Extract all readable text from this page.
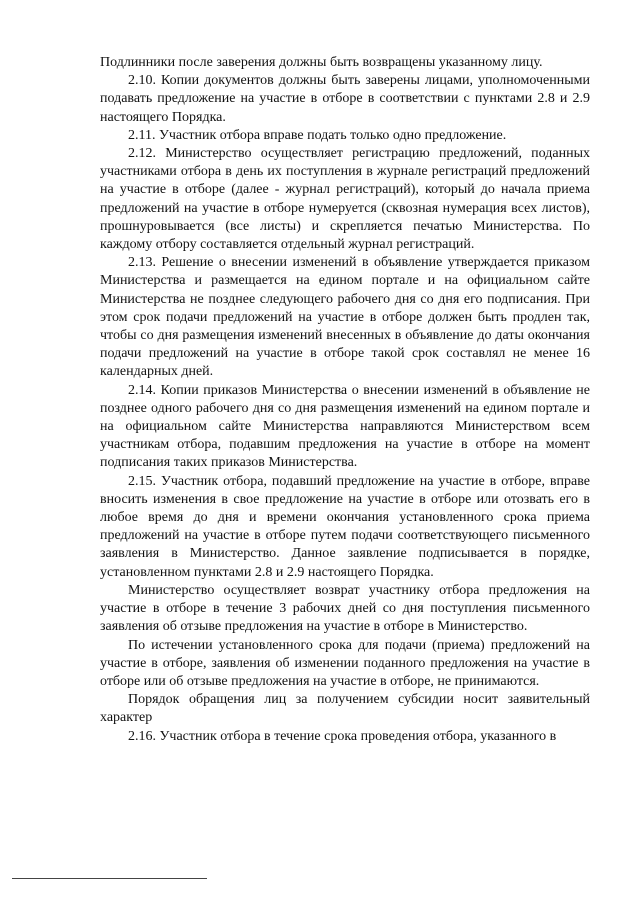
Подлинники после заверения должны быть возвращены указанному лицу.

2.10. Копии документов должны быть заверены лицами, уполномоченными подавать предложение на участие в отборе в соответствии с пунктами 2.8 и 2.9 настоящего Порядка.

2.11. Участник отбора вправе подать только одно предложение.

2.12. Министерство осуществляет регистрацию предложений, поданных участниками отбора в день их поступления в журнале регистраций предложений на участие в отборе (далее - журнал регистраций), который до начала приема предложений на участие в отборе нумеруется (сквозная нумерация всех листов), прошнуровывается (все листы) и скрепляется печатью Министерства. По каждому отбору составляется отдельный журнал регистраций.

2.13. Решение о внесении изменений в объявление утверждается приказом Министерства и размещается на едином портале и на официальном сайте Министерства не позднее следующего рабочего дня со дня его подписания. При этом срок подачи предложений на участие в отборе должен быть продлен так, чтобы со дня размещения изменений внесенных в объявление до даты окончания подачи предложений на участие в отборе такой срок составлял не менее 16 календарных дней.

2.14. Копии приказов Министерства о внесении изменений в объявление не позднее одного рабочего дня со дня размещения изменений на едином портале и на официальном сайте Министерства направляются Министерством всем участникам отбора, подавшим предложения на участие в отборе на момент подписания таких приказов Министерства.

2.15. Участник отбора, подавший предложение на участие в отборе, вправе вносить изменения в свое предложение на участие в отборе или отозвать его в любое время до дня и времени окончания установленного срока приема предложений на участие в отборе путем подачи соответствующего письменного заявления в Министерство. Данное заявление подписывается в порядке, установленном пунктами 2.8 и 2.9 настоящего Порядка.

Министерство осуществляет возврат участнику отбора предложения на участие в отборе в течение 3 рабочих дней со дня поступления письменного заявления об отзыве предложения на участие в отборе в Министерство.

По истечении установленного срока для подачи (приема) предложений на участие в отборе, заявления об изменении поданного предложения на участие в отборе или об отзыве предложения на участие в отборе, не принимаются.

Порядок обращения лиц за получением субсидии носит заявительный характер

2.16. Участник отбора в течение срока проведения отбора, указанного в
